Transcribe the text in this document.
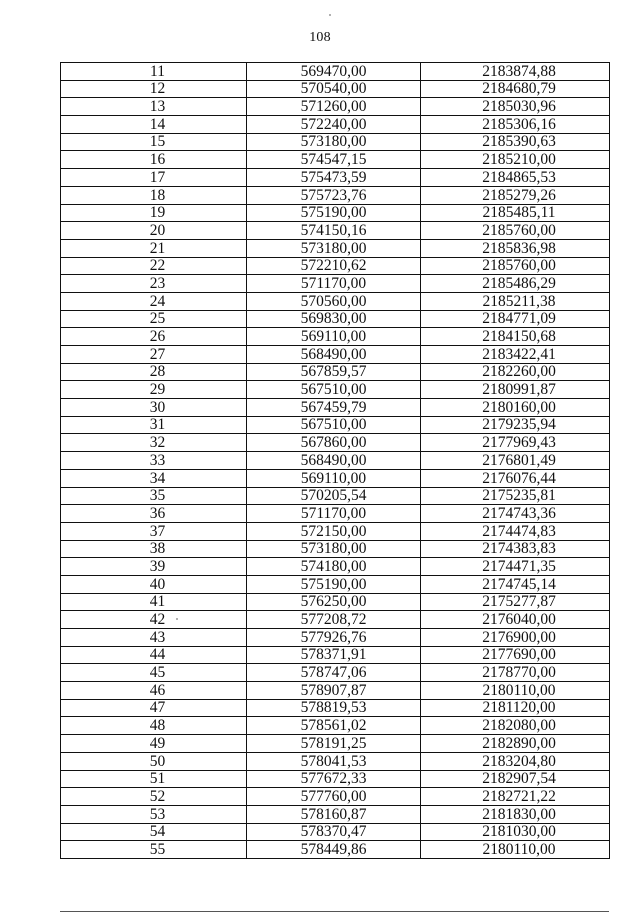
108
11	569470,00	2183874,88
12	570540,00	2184680,79
13	571260,00	2185030,96
14	572240,00	2185306,16
15	573180,00	2185390,63
16	574547,15	2185210,00
17	575473,59	2184865,53
18	575723,76	2185279,26
19	575190,00	2185485,11
20	574150,16	2185760,00
21	573180,00	2185836,98
22	572210,62	2185760,00
23	571170,00	2185486,29
24	570560,00	2185211,38
25	569830,00	2184771,09
26	569110,00	2184150,68
27	568490,00	2183422,41
28	567859,57	2182260,00
29	567510,00	2180991,87
30	567459,79	2180160,00
31	567510,00	2179235,94
32	567860,00	2177969,43
33	568490,00	2176801,49
34	569110,00	2176076,44
35	570205,54	2175235,81
36	571170,00	2174743,36
37	572150,00	2174474,83
38	573180,00	2174383,83
39	574180,00	2174471,35
40	575190,00	2174745,14
41	576250,00	2175277,87
42	577208,72	2176040,00
43	577926,76	2176900,00
44	578371,91	2177690,00
45	578747,06	2178770,00
46	578907,87	2180110,00
47	578819,53	2181120,00
48	578561,02	2182080,00
49	578191,25	2182890,00
50	578041,53	2183204,80
51	577672,33	2182907,54
52	577760,00	2182721,22
53	578160,87	2181830,00
54	578370,47	2181030,00
55	578449,86	2180110,00
